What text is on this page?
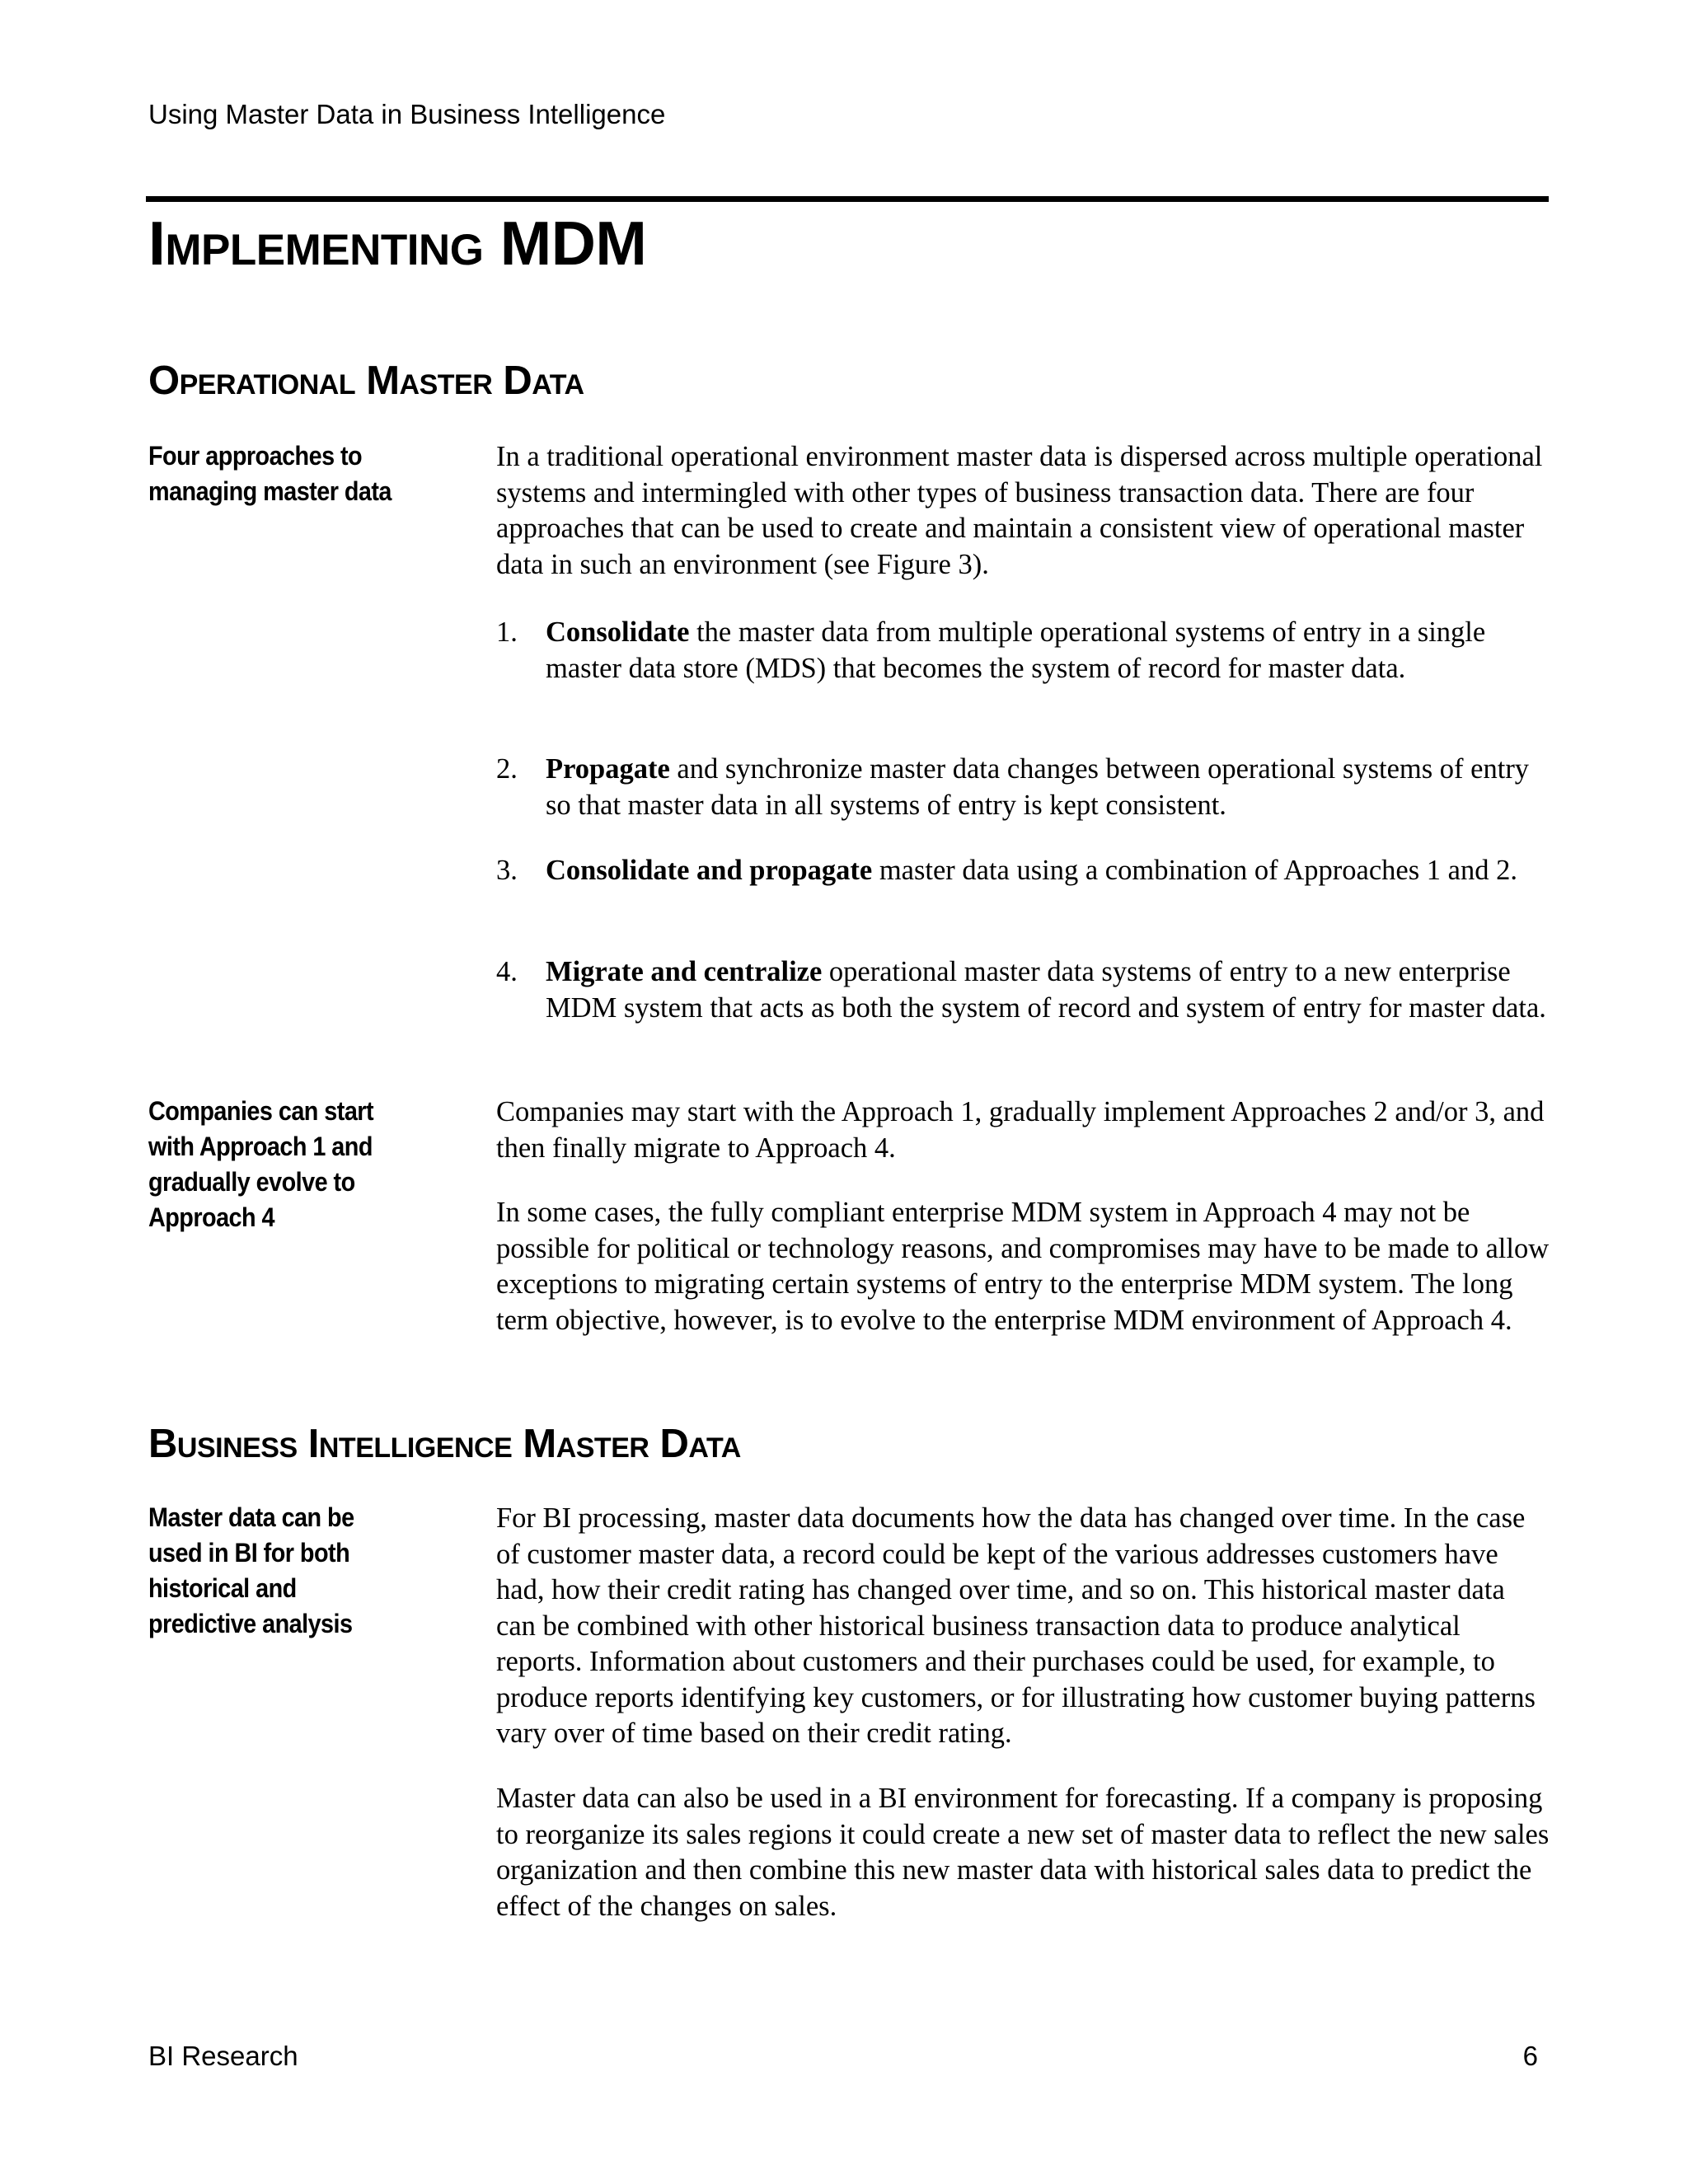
Using Master Data in Business Intelligence
Implementing MDM
Operational Master Data
Four approaches to managing master data

In a traditional operational environment master data is dispersed across multiple operational systems and intermingled with other types of business transaction data. There are four approaches that can be used to create and maintain a consistent view of operational master data in such an environment (see Figure 3).

1. Consolidate the master data from multiple operational systems of entry in a single master data store (MDS) that becomes the system of record for master data.
2. Propagate and synchronize master data changes between operational systems of entry so that master data in all systems of entry is kept consistent.
3. Consolidate and propagate master data using a combination of Approaches 1 and 2.
4. Migrate and centralize operational master data systems of entry to a new enterprise MDM system that acts as both the system of record and system of entry for master data.
Companies can start with Approach 1 and gradually evolve to Approach 4

Companies may start with the Approach 1, gradually implement Approaches 2 and/or 3, and then finally migrate to Approach 4.

In some cases, the fully compliant enterprise MDM system in Approach 4 may not be possible for political or technology reasons, and compromises may have to be made to allow exceptions to migrating certain systems of entry to the enterprise MDM system. The long term objective, however, is to evolve to the enterprise MDM environment of Approach 4.

Business Intelligence Master Data
Master data can be used in BI for both historical and predictive analysis

For BI processing, master data documents how the data has changed over time. In the case of customer master data, a record could be kept of the various addresses customers have had, how their credit rating has changed over time, and so on. This historical master data can be combined with other historical business transaction data to produce analytical reports. Information about customers and their purchases could be used, for example, to produce reports identifying key customers, or for illustrating how customer buying patterns vary over of time based on their credit rating.

Master data can also be used in a BI environment for forecasting. If a company is proposing to reorganize its sales regions it could create a new set of master data to reflect the new sales organization and then combine this new master data with historical sales data to predict the effect of the changes on sales.

BI Research	6
